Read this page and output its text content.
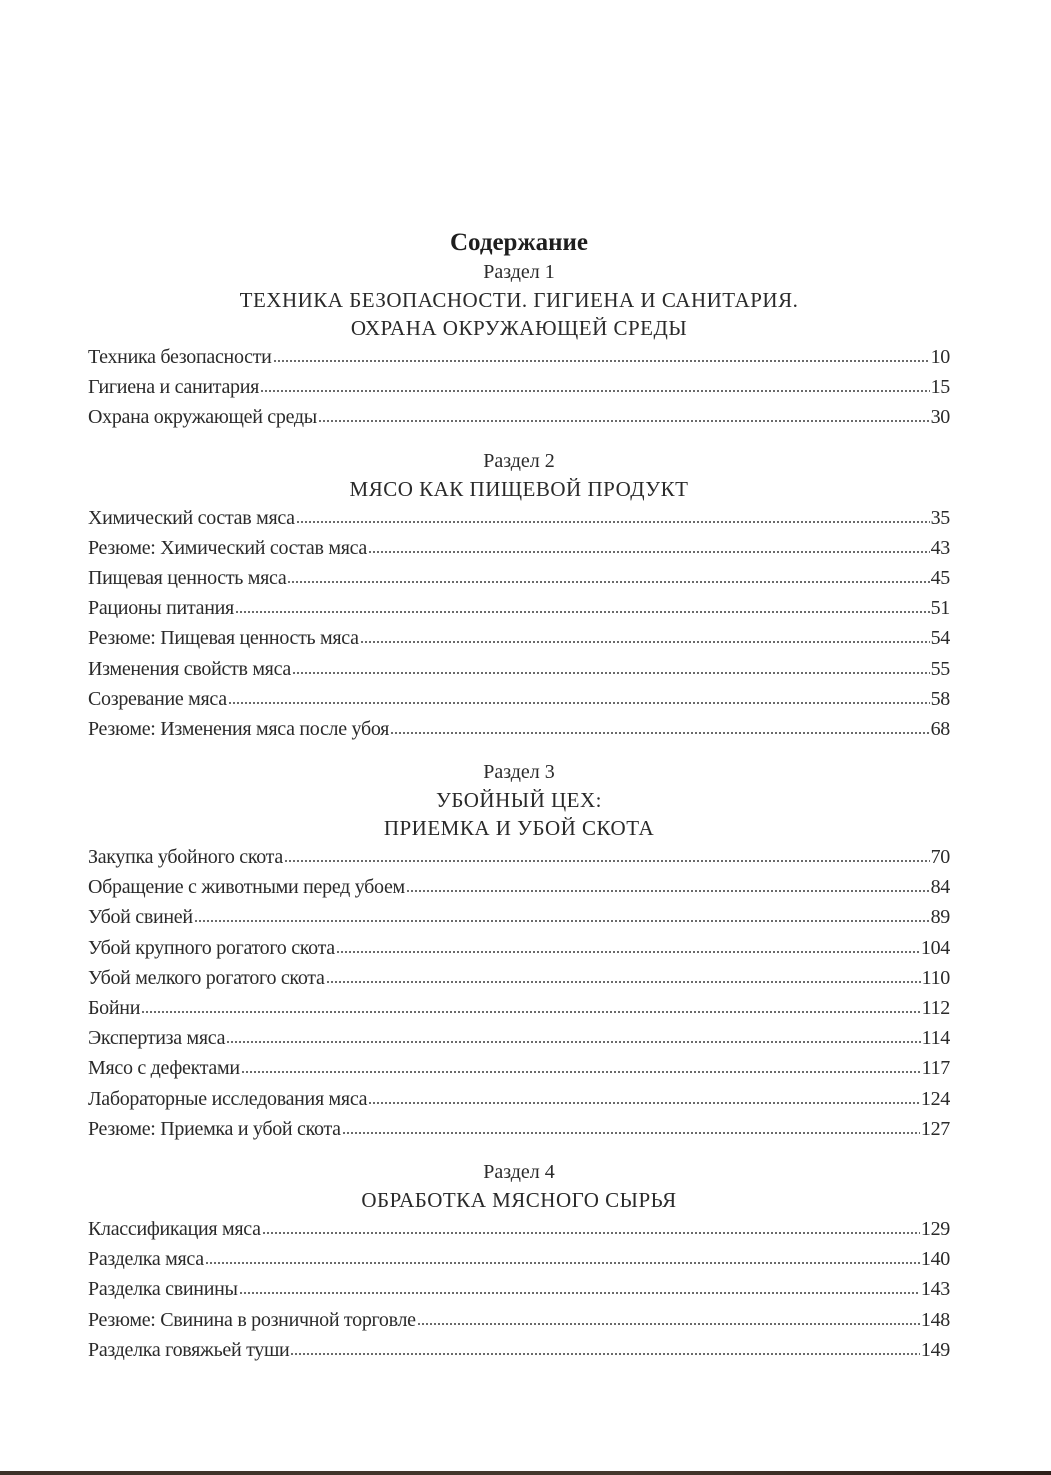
Содержание
Раздел 1
ТЕХНИКА БЕЗОПАСНОСТИ. ГИГИЕНА И САНИТАРИЯ.
ОХРАНА ОКРУЖАЮЩЕЙ СРЕДЫ
Техника безопасности	10
Гигиена и санитария	15
Охрана окружающей среды	30
Раздел 2
МЯСО КАК ПИЩЕВОЙ ПРОДУКТ
Химический состав мяса	35
Резюме: Химический состав мяса	43
Пищевая ценность мяса	45
Рационы питания	51
Резюме: Пищевая ценность мяса	54
Изменения свойств мяса	55
Созревание мяса	58
Резюме: Изменения мяса после убоя	68
Раздел 3
УБОЙНЫЙ ЦЕХ:
ПРИЕМКА И УБОЙ СКОТА
Закупка убойного скота	70
Обращение с животными перед убоем	84
Убой свиней	89
Убой крупного рогатого скота	104
Убой мелкого рогатого скота	110
Бойни	112
Экспертиза мяса	114
Мясо с дефектами	117
Лабораторные исследования мяса	124
Резюме: Приемка и убой скота	127
Раздел 4
ОБРАБОТКА МЯСНОГО СЫРЬЯ
Классификация мяса	129
Разделка мяса	140
Разделка свинины	143
Резюме: Свинина в розничной торговле	148
Разделка говяжьей туши	149
